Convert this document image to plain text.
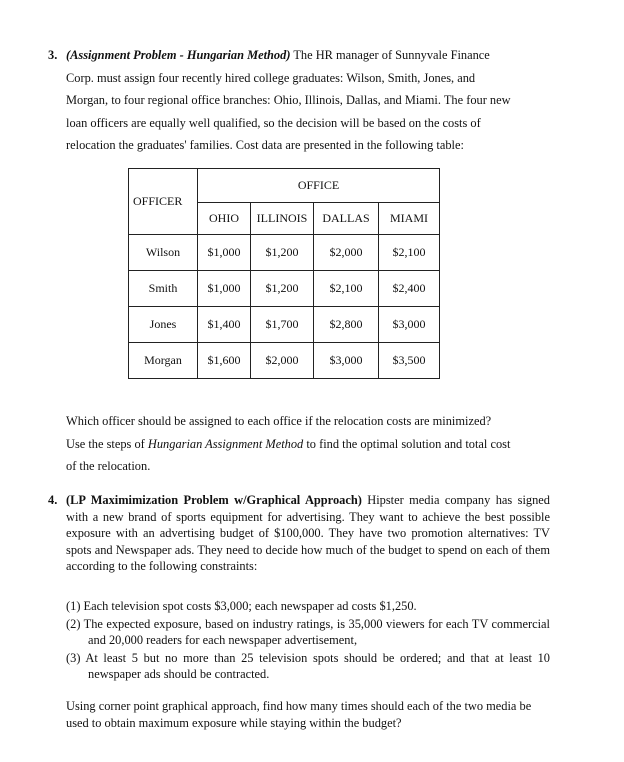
3. (Assignment Problem - Hungarian Method) The HR manager of Sunnyvale Finance
Corp. must assign four recently hired college graduates: Wilson, Smith, Jones, and
Morgan, to four regional office branches: Ohio, Illinois, Dallas, and Miami. The four new
loan officers are equally well qualified, so the decision will be based on the costs of
relocation the graduates' families. Cost data are presented in the following table:
OFFICER	OFFICE			
	OHIO	ILLINOIS	DALLAS	MIAMI
Wilson	$1,000	$1,200	$2,000	$2,100
Smith	$1,000	$1,200	$2,100	$2,400
Jones	$1,400	$1,700	$2,800	$3,000
Morgan	$1,600	$2,000	$3,000	$3,500
Which officer should be assigned to each office if the relocation costs are minimized?
Use the steps of Hungarian Assignment Method to find the optimal solution and total cost
of the relocation.
4. (LP Maximimization Problem w/Graphical Approach) Hipster media company has signed with a new brand of sports equipment for advertising. They want to achieve the best possible exposure with an advertising budget of $100,000. They have two promotion alternatives: TV spots and Newspaper ads. They need to decide how much of the budget to spend on each of them according to the following constraints:
(1) Each television spot costs $3,000; each newspaper ad costs $1,250.
(2) The expected exposure, based on industry ratings, is 35,000 viewers for each TV commercial and 20,000 readers for each newspaper advertisement,
(3) At least 5 but no more than 25 television spots should be ordered; and that at least 10 newspaper ads should be contracted.
Using corner point graphical approach, find how many times should each of the two media be used to obtain maximum exposure while staying within the budget?
